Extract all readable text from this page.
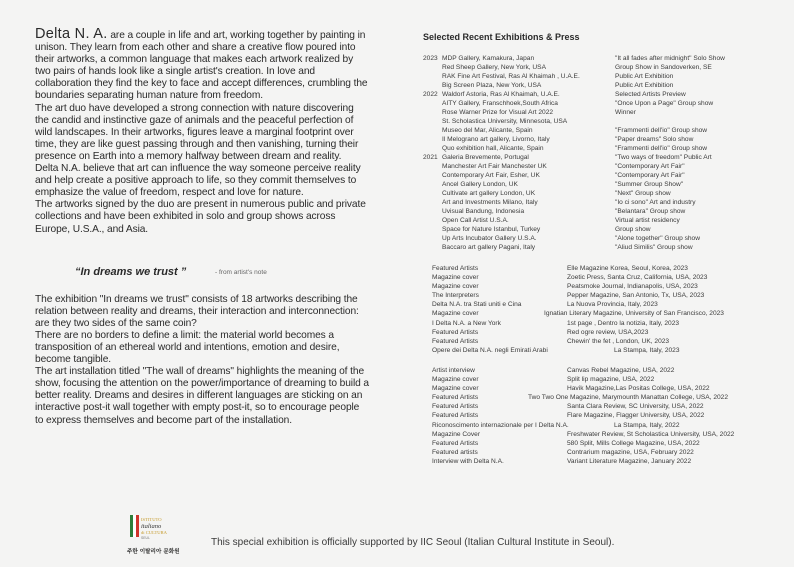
Delta N. A. are a couple in life and art, working together by painting in unison. They learn from each other and share a creative flow poured into their artworks, a common language that makes each artwork realized by two pairs of hands look like a single artist's creation. In love and collaboration they find the key to face and accept differences, crumbling the boundaries separating human nature from freedom.

The art duo have developed a strong connection with nature discovering the candid and instinctive gaze of animals and the peaceful perfection of wild landscapes. In their artworks, figures leave a marginal footprint over time, they are like guest passing through and then vanishing, turning their presence on Earth into a memory halfway between dream and reality.

Delta N.A. believe that art can influence the way someone perceive reality and help create a positive approach to life, so they commit themselves to emphasize the value of freedom, respect and love for nature.

The artworks signed by the duo are present in numerous public and private collections and have been exhibited in solo and group shows across Europe, U.S.A., and Asia.

“In dreams we trust ”	- from artist's note

The exhibition "In dreams we trust" consists of 18 artworks describing the relation between reality and dreams, their interaction and interconnection: are they two sides of the same coin?

There are no borders to define a limit: the material world becomes a transposition of an ethereal world and intentions, emotion and desire, become tangible.

The art installation titled "The wall of dreams" highlights the meaning of the show, focusing the attention on the power/importance of dreaming to build a better reality. Dreams and desires in different languages are sticking on an interactive post-it wall together with empty post-it, so to encourage people to express themselves and become part of the installation.

Selected Recent Exhibitions & Press
2023 MDP Gallery, Kamakura, Japan	"It all fades after midnight" Solo Show
Red Sheep Gallery, New York, USA	Group Show in Sandoverken, SE
RAK Fine Art Festival, Ras Al Khaimah , U.A.E.	Public Art Exhibition
Big Screen Plaza, New York, USA	Public Art Exhibition
2022 Waldorf Astoria, Ras Al Khaimah, U.A.E.	Selected Artists Preview
AITY Gallery, Franschhoek,South Africa	"Once Upon a Page" Group show
Rose Warner Prize for Visual Art 2022	Winner
St. Scholastica University, Minnesota, USA
Museo del Mar, Alicante, Spain	"Frammenti dell'io" Group show
Il Melograno art gallery, Livorno, Italy	"Paper dreams" Solo show
Quo exhibition hall, Alicante, Spain	"Frammenti dell'io" Group show
2021 Galeria Brevemente, Portugal	"Two ways of freedom" Public Art
Manchester Art Fair Manchester UK	"Contemporary Art Fair"
Contemporary Art Fair, Esher, UK	"Contemporary Art Fair"
Ancel Gallery London, UK	"Summer Group Show"
Cultivate art gallery London, UK	"Next" Group show
Art and Investments Milano, Italy	"Io ci sono" Art and industry
Uvisual Bandung, Indonesia	"Belantara" Group show
Open Call Artist U.S.A.	Virtual artist residency
Space for Nature Istanbul, Turkey	Group show
Up Arts Incubator Gallery U.S.A.	"Alone together" Group show
Baccaro art gallery Pagani, Italy	"Aliud Similis" Group show
Featured Artists	Elle Magazine Korea, Seoul, Korea, 2023
Magazine cover	Zoetic Press, Santa Cruz, California, USA, 2023
Magazine cover	Peatsmoke Journal, Indianapolis, USA, 2023
The Interpreters	Pepper Magazine, San Antonio, Tx, USA, 2023
Delta N.A. tra Stati uniti e Cina	La Nuova Provincia, Italy, 2023
Magazine cover	Ignatian Literary Magazine, University of San Francisco, 2023
I Delta N.A. a New York	1st page , Dentro la notizia, Italy, 2023
Featured Artists	Red ogre review, USA,2023
Featured Artists	Chewin' the fet , London, UK, 2023
Opere dei Delta N.A. negli Emirati Arabi	La Stampa, Italy, 2023
Artist interview	Canvas Rebel Magazine, USA, 2022
Magazine cover	Split lip magazine, USA, 2022
Magazine cover	Havik Magazine,Las Positas College, USA, 2022
Featured Artists	Two Two One Magazine, Marymounth Manattan College, USA, 2022
Featured Artists	Santa Clara Review, SC University, USA, 2022
Featured Artists	Flare Magazine, Flagger University, USA, 2022
Riconoscimento internazionale per I Delta N.A.	La Stampa, Italy, 2022
Magazine Cover	Freshwater Review, St Scholastica University, USA, 2022
Featured Artists	580 Split, Mills College Magazine, USA, 2022
Featured artists	Contrarium magazine, USA, February 2022
Interview with Delta N.A.	Variant Literature Magazine, January 2022
ISTITUTO
italiano
di CULTURA
SEUL
주한 이탈리아 문화원
This special exhibition is officially supported by IIC Seoul (Italian Cultural Institute in Seoul).
